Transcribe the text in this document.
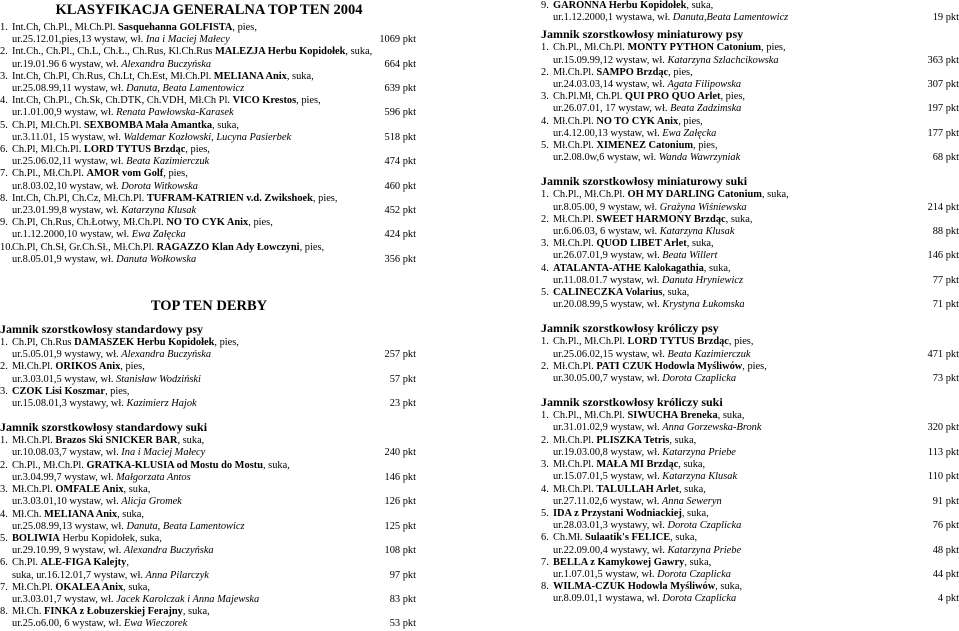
KLASYFIKACJA GENERALNA TOP TEN 2004
1. Int.Ch, Ch.Pl., Mł.Ch.Pl. Sasquehanna GOLFISTA, pies,
ur.25.12.01,pies,13 wystaw, wł. Ina i Maciej Małecy	1069 pkt
2. Int.Ch., Ch.Pl., Ch.L, Ch.Ł., Ch.Rus, Kl.Ch.Rus MALEZJA Herbu Kopidołek, suka,
ur.19.01.96 6 wystaw, wł. Alexandra Buczyńska	664 pkt
3. Int.Ch, Ch.Pl, Ch.Rus, Ch.Lt, Ch.Est, Mł.Ch.Pl. MELIANA Anix, suka,
ur.25.08.99,11 wystaw, wł. Danuta, Beata Lamentowicz	639 pkt
4. Int.Ch, Ch.Pl., Ch.Sk, Ch.DTK, Ch.VDH, Mł.Ch Pl. VICO Krestos, pies,
ur.1.01.00,9 wystaw, wł. Renata Pawłowska-Karasek	596 pkt
5. Ch.Pl, Mł.Ch.Pl. SEXBOMBA Mała Amantka, suka,
ur.3.11.01, 15 wystaw, wł. Waldemar Kozłowski, Lucyna Pasierbek	518 pkt
6. Ch.Pl, Mł.Ch.Pl. LORD TYTUS Brzdąc, pies,
ur.25.06.02,11 wystaw, wł. Beata Kazimierczuk	474 pkt
7. Ch.Pl., Mł.Ch.Pl. AMOR vom Golf, pies,
ur.8.03.02,10 wystaw, wł. Dorota Witkowska	460 pkt
8. Int.Ch, Ch.Pl, Ch.Cz, Mł.Ch.Pl. TUFRAM-KATRIEN v.d. Zwikshoek, pies,
ur.23.01.99,8 wystaw, wł. Katarzyna Klusak	452 pkt
9. Ch.Pl, Ch.Rus, Ch.Łotwy, Mł.Ch.Pl. NO TO CYK Anix, pies,
ur.1.12.2000,10 wystaw, wł. Ewa Załęcka	424 pkt
10.Ch.Pl, Ch.Sł, Gr.Ch.Sł., Mł.Ch.Pl. RAGAZZO Klan Ady Łowczyni, pies,
ur.8.05.01,9 wystaw, wł. Danuta Wołkowska	356 pkt
TOP TEN DERBY
Jamnik szorstkowłosy standardowy psy
1. Ch.Pl, Ch.Rus DAMASZEK Herbu Kopidołek, pies,
ur.5.05.01,9 wystawy, wł. Alexandra Buczyńska	257 pkt
2. Mł.Ch.Pl. ORIKOS Anix, pies,
ur.3.03.01,5 wystaw, wł. Stanisław Wodziński	57 pkt
3. CZOK Lisi Koszmar, pies,
ur.15.08.01,3 wystawy, wł. Kazimierz Hajok	23 pkt
Jamnik szorstkowłosy standardowy suki
1. Mł.Ch.Pl. Brazos Ski SNICKER BAR, suka,
ur.10.08.03,7 wystaw, wł. Ina i Maciej Małecy	240 pkt
2. Ch.Pl., Mł.Ch.Pl. GRATKA-KLUSIA od Mostu do Mostu, suka,
ur.3.04.99,7 wystaw, wł. Małgorzata Antos	146 pkt
3. Mł.Ch.Pl. OMFALE Anix, suka,
ur.3.03.01,10 wystaw, wł. Alicja Gromek	126 pkt
4. Mł.Ch. MELIANA Anix, suka,
ur.25.08.99,13 wystaw, wł. Danuta, Beata Lamentowicz	125 pkt
5. BOLIWIA Herbu Kopidołek, suka,
ur.29.10.99, 9 wystaw, wł. Alexandra Buczyńska	108 pkt
6. Ch.Pl. ALE-FIGA Kalejty,
suka, ur.16.12.01,7 wystaw, wł. Anna Pilarczyk	97 pkt
7. Mł.Ch.Pl. OKALEA Anix, suka,
ur.3.03.01,7 wystaw, wł. Jacek Karolczak i Anna Majewska	83 pkt
8. Mł.Ch. FINKA z Łobuzerskiej Ferajny, suka,
ur.25.o6.00, 6 wystaw, wł. Ewa Wieczorek	53 pkt
9. GARONNA Herbu Kopidołek, suka,
ur.1.12.2000,1 wystawa, wł. Danuta,Beata Lamentowicz	19 pkt
Jamnik szorstkowłosy miniaturowy psy
1. Ch.Pl., Mł.Ch.Pl. MONTY PYTHON Catonium, pies,
ur.15.09.99,12 wystaw, wł. Katarzyna Szlachcikowska	363 pkt
2. Mł.Ch.Pl. SAMPO Brzdąc, pies,
ur.24.03.03,14 wystaw, wł. Agata Filipowska	307 pkt
3. Ch.Pl.Mł, Ch.Pl. QUI PRO QUO Arlet, pies,
ur.26.07.01, 17 wystaw, wł. Beata Zadzimska	197 pkt
4. Mł.Ch.Pl. NO TO CYK Anix, pies,
ur.4.12.00,13 wystaw, wł. Ewa Załęcka	177 pkt
5. Mł.Ch.Pl. XIMENEZ Catonium, pies,
ur.2.08.0w,6 wystaw, wł. Wanda Wawrzyniak	68 pkt
Jamnik szorstkowłosy miniaturowy suki
1. Ch.Pl., Mł.Ch.Pl. OH MY DARLING Catonium, suka,
ur.8.05.00, 9 wystaw, wł. Grażyna Wiśniewska	214 pkt
2. Mł.Ch.Pl. SWEET HARMONY Brzdąc, suka,
ur.6.06.03, 6 wystaw, wł. Katarzyna Klusak	88 pkt
3. Mł.Ch.Pl. QUOD LIBET Arlet, suka,
ur.26.07.01,9 wystaw, wł. Beata Willert	146 pkt
4. ATALANTA-ATHE Kalokagathia, suka,
ur.11.08.01.7 wystaw, wł. Danuta Hryniewicz	77 pkt
5. CALINECZKA Volarius, suka,
ur.20.08.99,5 wystaw, wł. Krystyna Łukomska	71 pkt
Jamnik szorstkowłosy króliczy psy
1. Ch.Pl., Mł.Ch.Pl. LORD TYTUS Brzdąc, pies,
ur.25.06.02,15 wystaw, wł. Beata Kazimierczuk	471 pkt
2. Mł.Ch.Pl. PATI CZUK Hodowla Myśliwów, pies,
ur.30.05.00,7 wystaw, wł. Dorota Czaplicka	73 pkt
Jamnik szorstkowłosy króliczy suki
1. Ch.Pl., Mł.Ch.Pl. SIWUCHA Breneka, suka,
ur.31.01.02,9 wystaw, wł. Anna Gorzewska-Bronk	320 pkt
2. Mł.Ch.Pl. PLISZKA Tetris, suka,
ur.19.03.00,8 wystaw, wł. Katarzyna Priebe	113 pkt
3. Mł.Ch.Pl. MAŁA MI Brzdąc, suka,
ur.15.07.01,5 wystaw, wł. Katarzyna Klusak	110 pkt
4. Mł.Ch.Pl. TALULLAH Arlet, suka,
ur.27.11.02,6 wystaw, wł. Anna Seweryn	91 pkt
5. IDA z Przystani Wodniackiej, suka,
ur.28.03.01,3 wystawy, wł. Dorota Czaplicka	76 pkt
6. Ch.Mł. Sulaatik's FELICE, suka,
ur.22.09.00,4 wystawy, wł. Katarzyna Priebe	48 pkt
7. BELLA z Kamykowej Gawry, suka,
ur.1.07.01,5 wystaw, wł. Dorota Czaplicka	44 pkt
8. WILMA-CZUK Hodowla Myśliwów, suka,
ur.8.09.01,1 wystawa, wł. Dorota Czaplicka	4 pkt
